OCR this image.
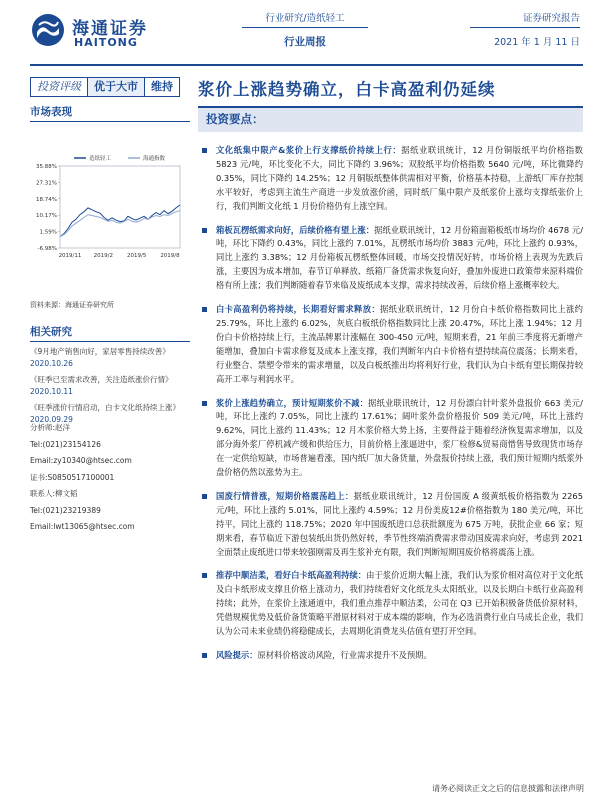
海通证券
HAITONG
行业研究/造纸轻工
行业周报
证券研究报告
2021 年 1 月 11 日
投资评级	优于大市	维持	浆价上涨趋势确立，白卡高盈利仍延续
市场表现
造纸轻工	海通指数
35.88%
27.31%
18.74%
10.17%
1.59%
-6.98%
2019/11 2019/2	2019/5	2019/8
资料来源：海通证券研究所
相关研究
《9月地产销售向好，家居零售持续改善》
2020.10.26
《旺季已至需求改善，关注造纸涨价行情》
2020.10.11
《旺季涨价行情启动，白卡文化纸持续上涨》
2020.09.29
分析师:赵洋
Tel:(021)23154126
Email:zy10340@htsec.com
证书:S0850517100001
联系人:柳文韬
Tel:(021)23219389
Email:lwt13065@htsec.com
投资要点：
文化纸集中限产&浆价上行支撑纸价持续上行：据纸业联讯统计，12 月份铜版纸平均价格指数 5823 元/吨，环比变化不大，同比下降约 3.96%；双胶纸平均价格指数 5640 元/吨，环比微降约 0.35%，同比下降约 14.25%；12 月铜版纸整体供需相对平衡，价格基本持稳，上游纸厂库存控制水平较好，考虑到主流生产商进一步发放涨价函，同时纸厂集中限产及纸浆价上涨均支撑纸张价上行，我们判断文化纸 1 月份价格仍有上涨空间。
箱板瓦楞纸需求向好，后续价格有望上涨：据纸业联讯统计，12 月份箱面箱板纸市场均价 4678 元/吨，环比下降约 0.43%，同比上涨约 7.01%，瓦楞纸市场均价 3883 元/吨，环比上涨约 0.93%，同比上涨约 3.38%；12 月份箱板瓦楞纸整体回暖，市场交投情况好转，市场价格上表现为先跌后涨，主要因为成本增加，春节订单释放、纸箱厂备货需求恢复向好，叠加外废进口政策带来原料端价格有所上涨；我们判断随着春节来临及废纸成本支撑，需求持续改善，后续价格上涨概率较大。
白卡高盈利仍将持续，长期看好需求释放：据纸业联讯统计，12 月份白卡纸价格指数同比上涨约 25.79%，环比上涨约 6.02%，灰底白板纸价格指数同比上涨 20.47%，环比上涨 1.94%；12 月份白卡价格持续上行，主流品牌累计涨幅在 300-450 元/吨，短期来看，21 年前三季度将无新增产能增加，叠加白卡需求修复及成本上涨支撑，我们判断年内白卡价格有望持续高位震荡；长期来看，行业整合、禁塑令带来的需求增量，以及白板纸推出均将利好行业，我们认为白卡纸有望长期保持较高开工率与利润水平。
浆价上涨趋势确立，预计短期浆价不减：据纸业联讯统计，12 月份漂白针叶浆外盘报价 663 美元/吨，环比上涨约 7.05%，同比上涨约 17.61%；阔叶浆外盘价格报价 509 美元/吨，环比上涨约 9.62%，同比上涨约 11.43%；12 月木浆价格大势上扬，主要得益于随着经济恢复需求增加，以及部分海外浆厂停机减产缓和供给压力，目前价格上涨逼进中，浆厂检修&贸易商惜售导致现货市场存在一定供给短缺，市场普遍看涨，国内纸厂加大备货量，外盘报价持续上涨，我们预计短期内纸浆外盘价格仍然以涨势为主。
国废行情普涨，短期价格震荡趋上：据纸业联讯统计，12 月份国废 A 级黄纸板价格指数为 2265 元/吨，环比上涨约 5.01%，同比上涨约 4.59%；12 月份美废12#价格指数为 180 美元/吨，环比持平，同比上涨约 118.75%；2020 年中国废纸进口总获批额度为 675 万吨，获批企业 66 家；短期来看，春节临近下游包装纸出货仍然好转，季节性终端消费需求带动国废需求向好，考虑到 2021 全面禁止废纸进口带来较强刚需及再生浆补充有限，我们判断短期国废价格将震荡上涨。
推荐中顺洁柔，看好白卡纸高盈利持续：由于浆价近期大幅上涨，我们认为浆价相对高位对于文化纸及白卡纸形成支撑且价格上涨动力，我们持续看好文化纸龙头太阳纸业，以及长期白卡纸行业高盈利持续；此外，在浆价上涨通道中，我们重点推荐中顺洁柔，公司在 Q3 已开始积极备货低价原材料，凭借规模优势及低价备货策略平滑原材料对于成本端的影响，作为必选消费行业白马成长企业，我们认为公司未来业绩仍将稳健成长，去周期化消费龙头估值有望打开空间。
风险提示：原材料价格波动风险，行业需求提升不及预期。
请务必阅读正文之后的信息披露和法律声明
